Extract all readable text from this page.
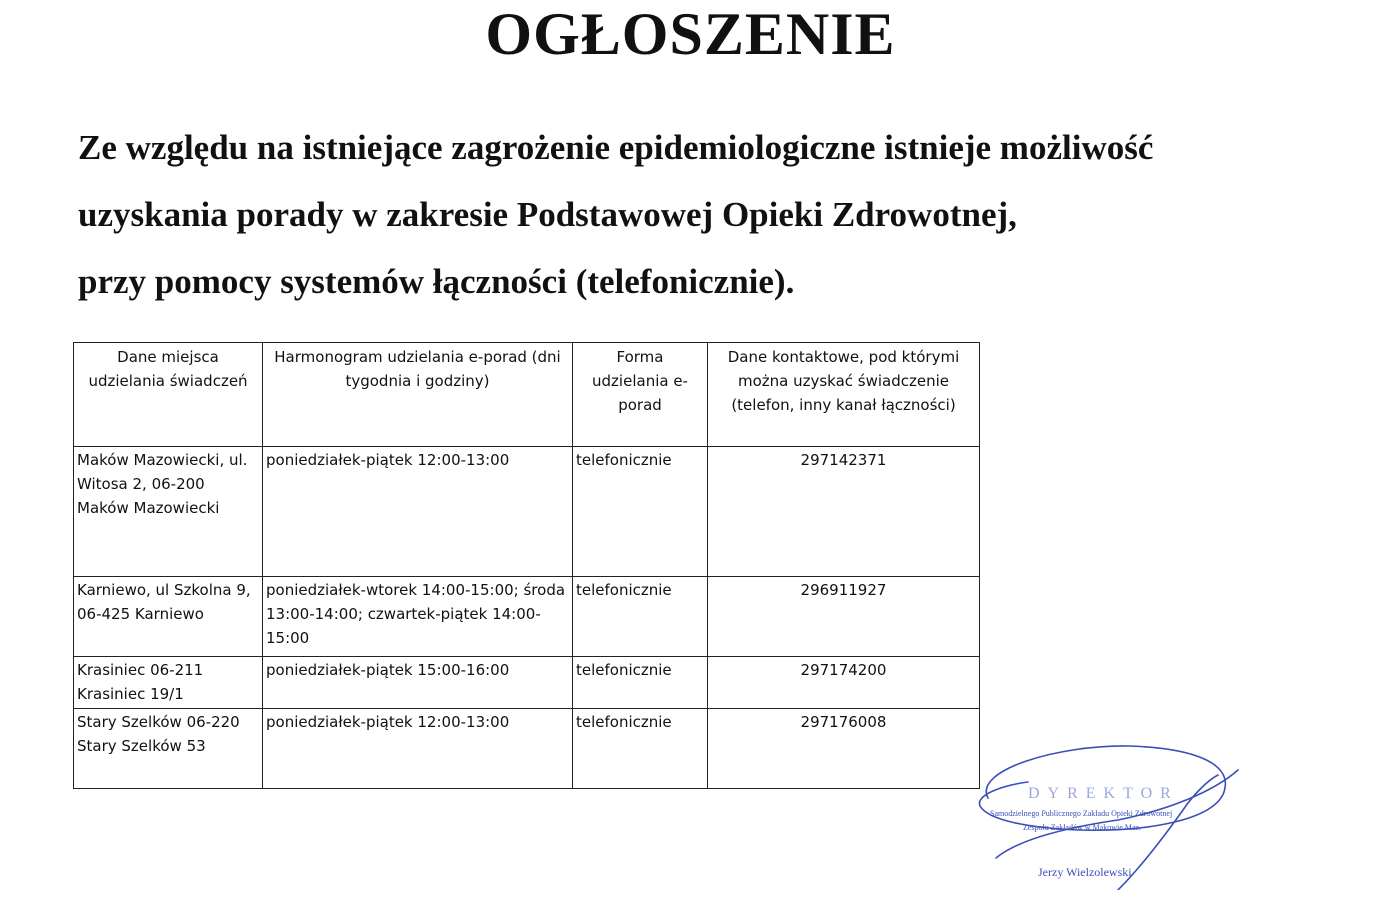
OGŁOSZENIE
Ze względu na istniejące zagrożenie epidemiologiczne istnieje możliwość
uzyskania porady w zakresie Podstawowej Opieki Zdrowotnej,
przy pomocy systemów łączności (telefonicznie).
Dane miejsca udzielania świadczeń	Harmonogram udzielania e-porad (dni tygodnia i godziny)	Forma udzielania e-porad	Dane kontaktowe, pod którymi można uzyskać świadczenie (telefon, inny kanał łączności)
Maków Mazowiecki, ul. Witosa 2, 06-200 Maków Mazowiecki	poniedziałek-piątek 12:00-13:00	telefonicznie	297142371
Karniewo, ul Szkolna 9, 06-425 Karniewo	poniedziałek-wtorek 14:00-15:00; środa 13:00-14:00; czwartek-piątek 14:00-15:00	telefonicznie	296911927
Krasiniec 06-211 Krasiniec 19/1	poniedziałek-piątek 15:00-16:00	telefonicznie	297174200
Stary Szelków 06-220 Stary Szelków 53	poniedziałek-piątek 12:00-13:00	telefonicznie	297176008
DYREKTOR
Samodzielnego Publicznego Zakładu Opieki Zdrowotnej
Zespołu Zakładów w Makowie Maz.
Jerzy Wielzolewski
